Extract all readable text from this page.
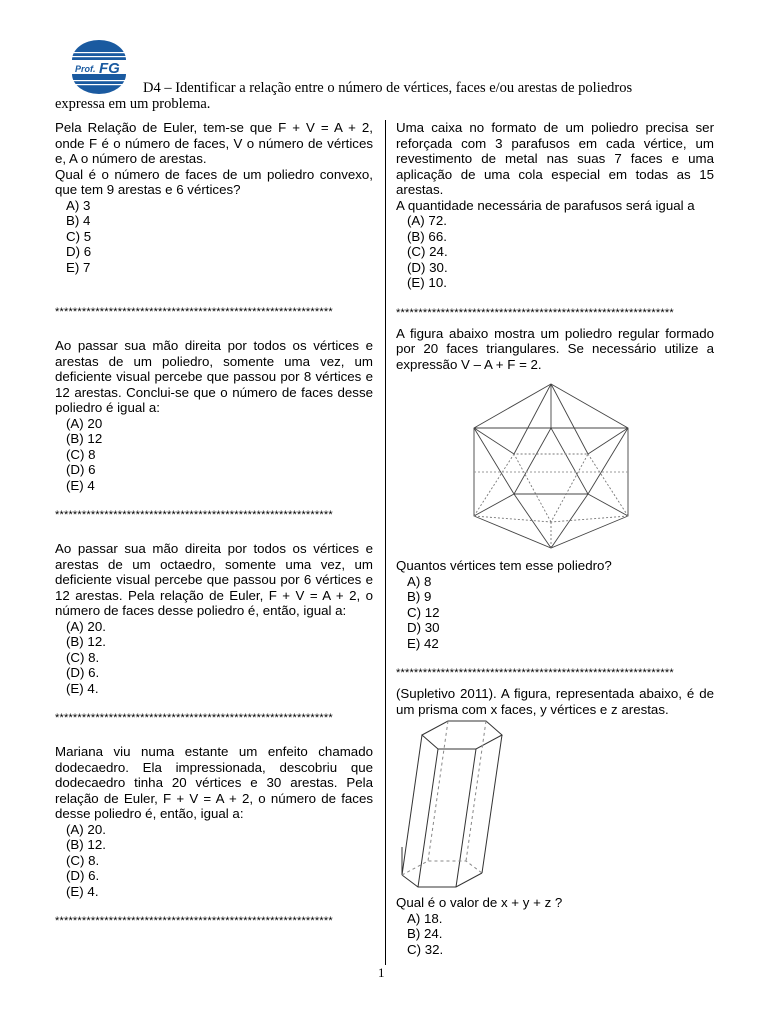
Prof. FG
D4 – Identificar a relação entre o número de vértices, faces e/ou arestas de poliedros
expressa em um problema.

Pela Relação de Euler, tem-se que F + V = A + 2, onde F é o número de faces, V o número de vértices e, A o número de arestas.

Qual é o número de faces de um poliedro convexo, que tem 9 arestas e 6 vértices?

A) 3
B) 4
C) 5
D) 6
E) 7
**************************************************************

Ao passar sua mão direita por todos os vértices e arestas de um poliedro, somente uma vez, um deficiente visual percebe que passou por 8 vértices e 12 arestas. Conclui-se que o número de faces desse poliedro é igual a:

(A) 20
(B) 12
(C) 8
(D) 6
(E) 4
**************************************************************

Ao passar sua mão direita por todos os vértices e arestas de um octaedro, somente uma vez, um deficiente visual percebe que passou por 6 vértices e 12 arestas. Pela relação de Euler, F + V = A + 2, o número de faces desse poliedro é, então, igual a:

(A) 20.
(B) 12.
(C) 8.
(D) 6.
(E) 4.
**************************************************************

Mariana viu numa estante um enfeito chamado dodecaedro. Ela impressionada, descobriu que dodecaedro tinha 20 vértices e 30 arestas. Pela relação de Euler, F + V = A + 2, o número de faces desse poliedro é, então, igual a:

(A) 20.
(B) 12.
(C) 8.
(D) 6.
(E) 4.
**************************************************************

Uma caixa no formato de um poliedro precisa ser reforçada com 3 parafusos em cada vértice, um revestimento de metal nas suas 7 faces e uma aplicação de uma cola especial em todas as 15 arestas.

A quantidade necessária de parafusos será igual a

(A) 72.
(B) 66.
(C) 24.
(D) 30.
(E) 10.
**************************************************************

A figura abaixo mostra um poliedro regular formado por 20 faces triangulares. Se necessário utilize a expressão V – A + F = 2.

Quantos vértices tem esse poliedro?

A) 8
B) 9
C) 12
D) 30
E) 42
**************************************************************

(Supletivo 2011). A figura, representada abaixo, é de um prisma com x faces, y vértices e z arestas.

Qual é o valor de x + y + z ?

A) 18.
B) 24.
C) 32.
1
